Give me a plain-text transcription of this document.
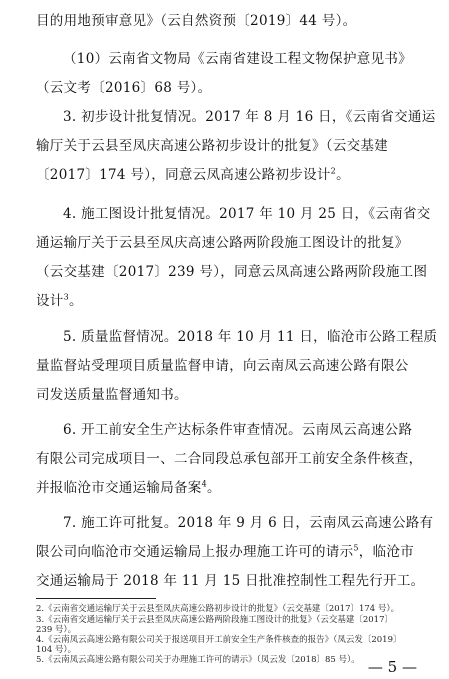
目的用地预审意见》（云自然资预〔2019〕44 号）。
（10）云南省文物局《云南省建设工程文物保护意见书》
（云文考〔2016〕68 号）。
3. 初步设计批复情况。2017 年 8 月 16 日，《云南省交通运
输厅关于云县至凤庆高速公路初步设计的批复》（云交基建
〔2017〕174 号），同意云凤高速公路初步设计$^2$。
4. 施工图设计批复情况。2017 年 10 月 25 日，《云南省交
通运输厅关于云县至凤庆高速公路两阶段施工图设计的批复》
（云交基建〔2017〕239 号），同意云凤高速公路两阶段施工图
设计$^3$。
5. 质量监督情况。2018 年 10 月 11 日，临沧市公路工程质
量监督站受理项目质量监督申请，向云南凤云高速公路有限公
司发送质量监督通知书。
6. 开工前安全生产达标条件审查情况。云南凤云高速公路
有限公司完成项目一、二合同段总承包部开工前安全条件核查，
并报临沧市交通运输局备案$^4$。
7. 施工许可批复。2018 年 9 月 6 日，云南凤云高速公路有
限公司向临沧市交通运输局上报办理施工许可的请示$^5$，临沧市
交通运输局于 2018 年 11 月 15 日批准控制性工程先行开工。
2.《云南省交通运输厅关于云县至凤庆高速公路初步设计的批复》（云交基建〔2017〕174 号）。
3.《云南省交通运输厅关于云县至凤庆高速公路两阶段施工图设计的批复》（云交基建〔2017〕
239 号）。
4.《云南凤云高速公路有限公司关于报送项目开工前安全生产条件核查的报告》（凤云发〔2019〕
104 号）。
5.《云南凤云高速公路有限公司关于办理施工许可的请示》（凤云发〔2018〕85 号）。 — 5 —
